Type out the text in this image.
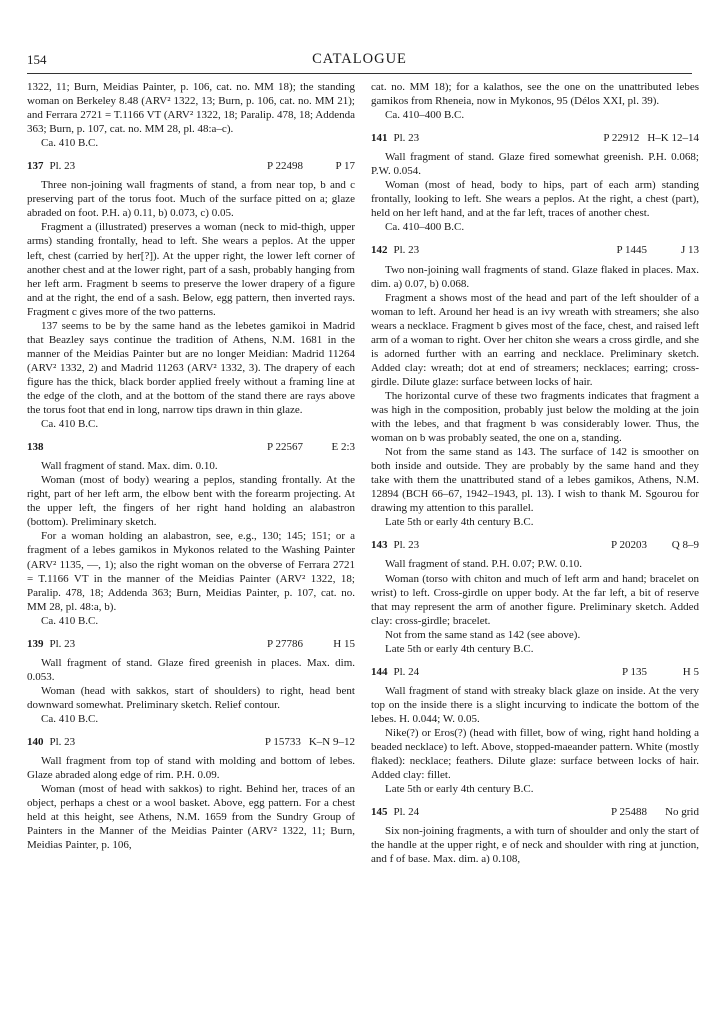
154	CATALOGUE

1322, 11; Burn, Meidias Painter, p. 106, cat. no. MM 18); the standing woman on Berkeley 8.48 (ARV² 1322, 13; Burn, p. 106, cat. no. MM 21); and Ferrara 2721 = T.1166 VT (ARV² 1322, 18; Paralip. 478, 18; Addenda 363; Burn, p. 107, cat. no. MM 28, pl. 48:a–c).

Ca. 410 B.C.

137 Pl. 23	P 22498	P 17

Three non-joining wall fragments of stand, a from near top, b and c preserving part of the torus foot. Much of the surface pitted on a; glaze abraded on foot. P.H. a) 0.11, b) 0.073, c) 0.05.

Fragment a (illustrated) preserves a woman (neck to mid-thigh, upper arms) standing frontally, head to left. She wears a peplos. At the upper left, chest (carried by her[?]). At the upper right, the lower left corner of another chest and at the lower right, part of a sash, probably hanging from her left arm. Fragment b seems to preserve the lower drapery of a figure and at the right, the end of a sash. Below, egg pattern, then inverted rays. Fragment c gives more of the two patterns.

137 seems to be by the same hand as the lebetes gamikoi in Madrid that Beazley says continue the tradition of Athens, N.M. 1681 in the manner of the Meidias Painter but are no longer Meidian: Madrid 11264 (ARV² 1332, 2) and Madrid 11263 (ARV² 1332, 3). The drapery of each figure has the thick, black border applied freely without a framing line at the edge of the cloth, and at the bottom of the stand there are rays above the torus foot that end in long, narrow tips drawn in thin glaze.

Ca. 410 B.C.

138	P 22567	E 2:3

Wall fragment of stand. Max. dim. 0.10.

Woman (most of body) wearing a peplos, standing frontally. At the right, part of her left arm, the elbow bent with the forearm projecting. At the upper left, the fingers of her right hand holding an alabastron (bottom). Preliminary sketch.

For a woman holding an alabastron, see, e.g., 130; 145; 151; or a fragment of a lebes gamikos in Mykonos related to the Washing Painter (ARV² 1135, —, 1); also the right woman on the obverse of Ferrara 2721 = T.1166 VT in the manner of the Meidias Painter (ARV² 1322, 18; Paralip. 478, 18; Addenda 363; Burn, Meidias Painter, p. 107, cat. no. MM 28, pl. 48:a, b).

Ca. 410 B.C.

139 Pl. 23	P 27786	H 15

Wall fragment of stand. Glaze fired greenish in places. Max. dim. 0.053.

Woman (head with sakkos, start of shoulders) to right, head bent downward somewhat. Preliminary sketch. Relief contour.

Ca. 410 B.C.

140 Pl. 23	P 15733 K–N 9–12

Wall fragment from top of stand with molding and bottom of lebes. Glaze abraded along edge of rim. P.H. 0.09.

Woman (most of head with sakkos) to right. Behind her, traces of an object, perhaps a chest or a wool basket. Above, egg pattern. For a chest held at this height, see Athens, N.M. 1659 from the Sundry Group of Painters in the Manner of the Meidias Painter (ARV² 1322, 11; Burn, Meidias Painter, p. 106,

cat. no. MM 18); for a kalathos, see the one on the unattributed lebes gamikos from Rheneia, now in Mykonos, 95 (Délos XXI, pl. 39).

Ca. 410–400 B.C.

141 Pl. 23	P 22912 H–K 12–14

Wall fragment of stand. Glaze fired somewhat greenish. P.H. 0.068; P.W. 0.054.

Woman (most of head, body to hips, part of each arm) standing frontally, looking to left. She wears a peplos. At the right, a chest (part), held on her left hand, and at the far left, traces of another chest.

Ca. 410–400 B.C.

142 Pl. 23	P 1445	J 13

Two non-joining wall fragments of stand. Glaze flaked in places. Max. dim. a) 0.07, b) 0.068.

Fragment a shows most of the head and part of the left shoulder of a woman to left. Around her head is an ivy wreath with streamers; she also wears a necklace. Fragment b gives most of the face, chest, and raised left arm of a woman to right. Over her chiton she wears a cross girdle, and she is adorned further with an earring and necklace. Preliminary sketch. Added clay: wreath; dot at end of streamers; necklaces; earring; cross-girdle. Dilute glaze: surface between locks of hair.

The horizontal curve of these two fragments indicates that fragment a was high in the composition, probably just below the molding at the join with the lebes, and that fragment b was considerably lower. Thus, the woman on b was probably seated, the one on a, standing.

Not from the same stand as 143. The surface of 142 is smoother on both inside and outside. They are probably by the same hand and they take with them the unattributed stand of a lebes gamikos, Athens, N.M. 12894 (BCH 66–67, 1942–1943, pl. 13). I wish to thank M. Sgourou for drawing my attention to this parallel.

Late 5th or early 4th century B.C.

143 Pl. 23	P 20203	Q 8–9

Wall fragment of stand. P.H. 0.07; P.W. 0.10.

Woman (torso with chiton and much of left arm and hand; bracelet on wrist) to left. Cross-girdle on upper body. At the far left, a bit of reserve that may represent the arm of another figure. Preliminary sketch. Added clay: cross-girdle; bracelet.

Not from the same stand as 142 (see above).

Late 5th or early 4th century B.C.

144 Pl. 24	P 135	H 5

Wall fragment of stand with streaky black glaze on inside. At the very top on the inside there is a slight incurving to indicate the bottom of the lebes. H. 0.044; W. 0.05.

Nike(?) or Eros(?) (head with fillet, bow of wing, right hand holding a beaded necklace) to left. Above, stopped-maeander pattern. White (mostly flaked): necklace; feathers. Dilute glaze: surface between locks of hair. Added clay: fillet.

Late 5th or early 4th century B.C.

145 Pl. 24	P 25488	No grid

Six non-joining fragments, a with turn of shoulder and only the start of the handle at the upper right, e of neck and shoulder with ring at junction, and f of base. Max. dim. a) 0.108,
